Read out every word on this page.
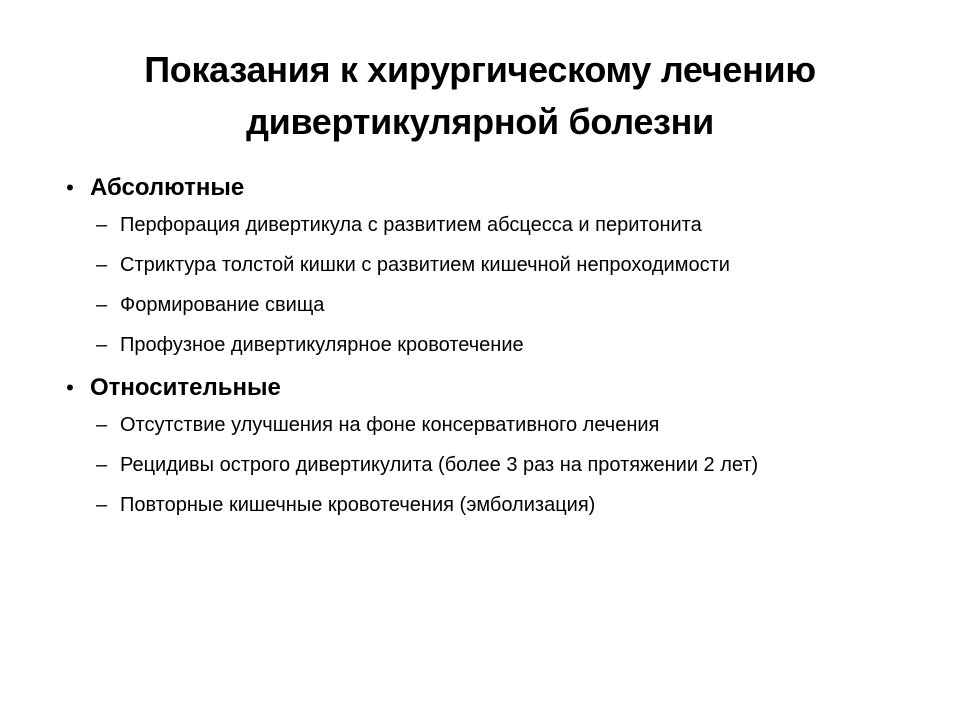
Показания к хирургическому лечению
дивертикулярной болезни
• Абсолютные
– Перфорация дивертикула с развитием абсцесса и перитонита
– Стриктура толстой кишки с развитием кишечной непроходимости
– Формирование свища
– Профузное дивертикулярное кровотечение
• Относительные
– Отсутствие улучшения на фоне консервативного лечения
– Рецидивы острого дивертикулита (более 3 раз на протяжении 2 лет)
– Повторные кишечные кровотечения (эмболизация)
